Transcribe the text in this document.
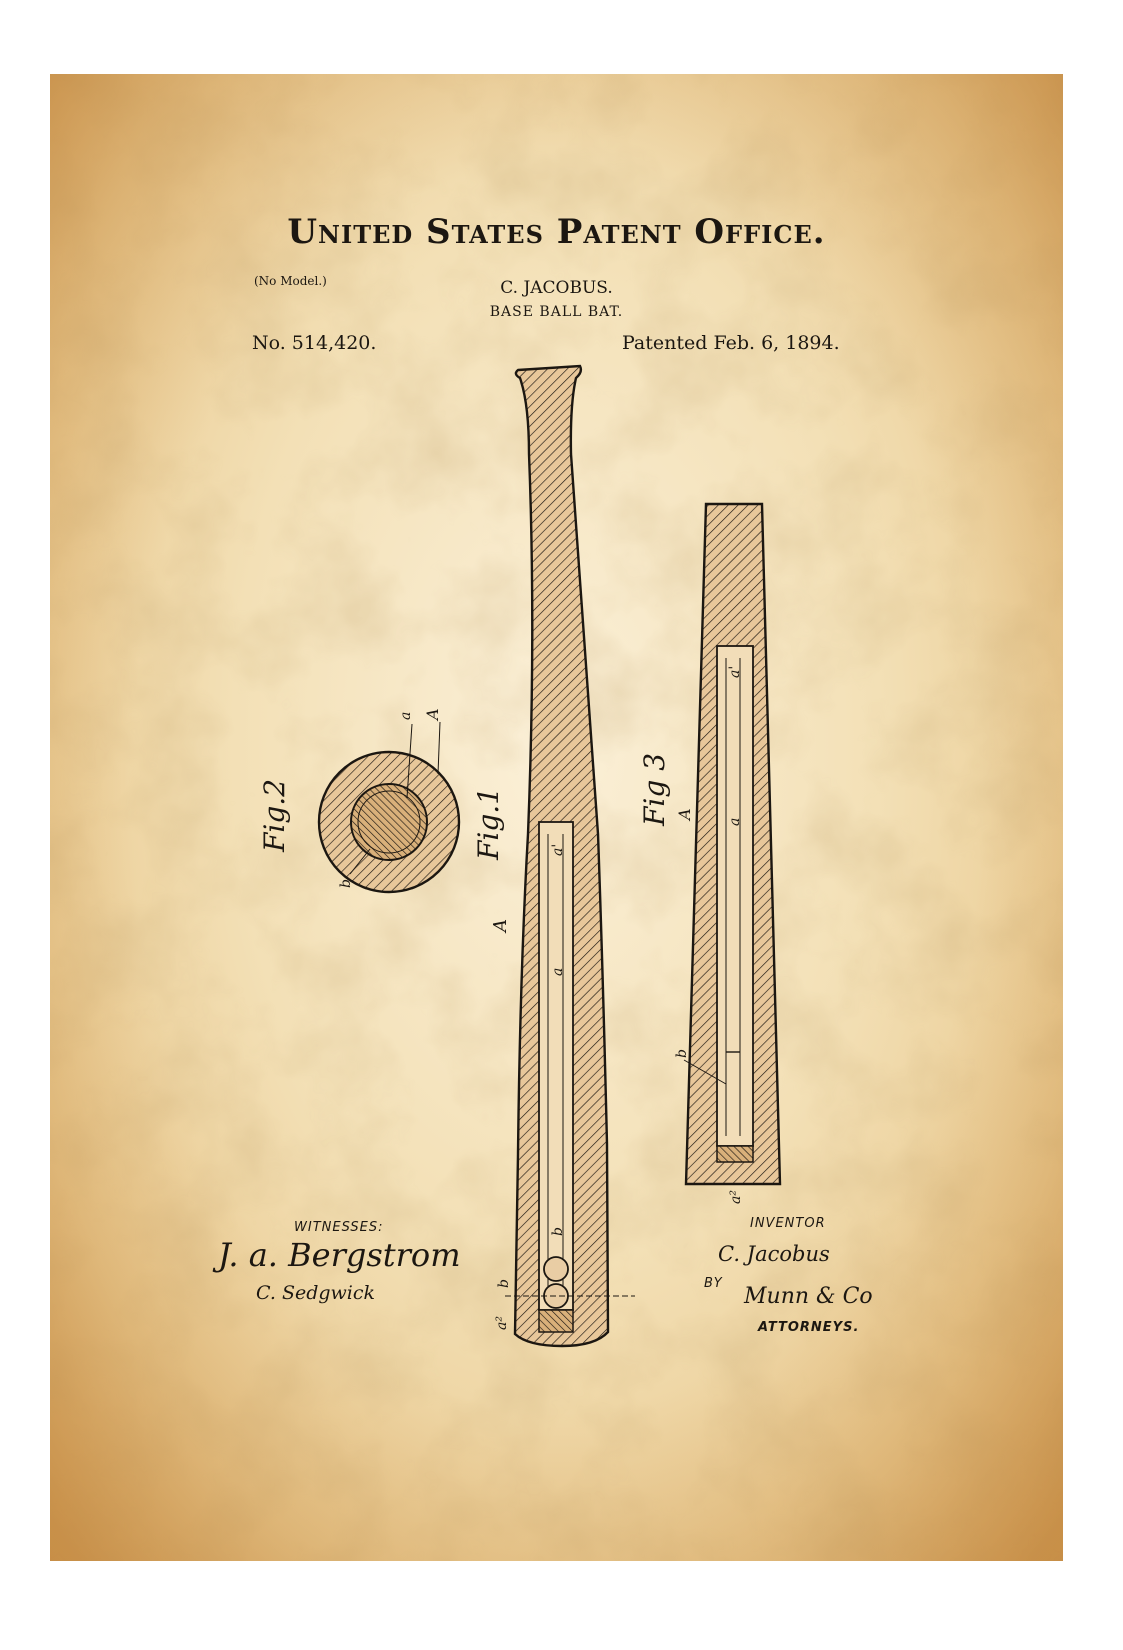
United States Patent Office.
(No Model.)	C. JACOBUS.
BASE BALL BAT.
No. 514,420.	Patented Feb. 6, 1894.
Fig.1
A
a'
a
b
a²
b
Fig.2
a A
b
Fig 3 A
a'
a
b
a²
WITNESSES:
J. a. Bergstrom
C. Sedgwick
INVENTOR
C. Jacobus
BY
Munn & Co
ATTORNEYS.
